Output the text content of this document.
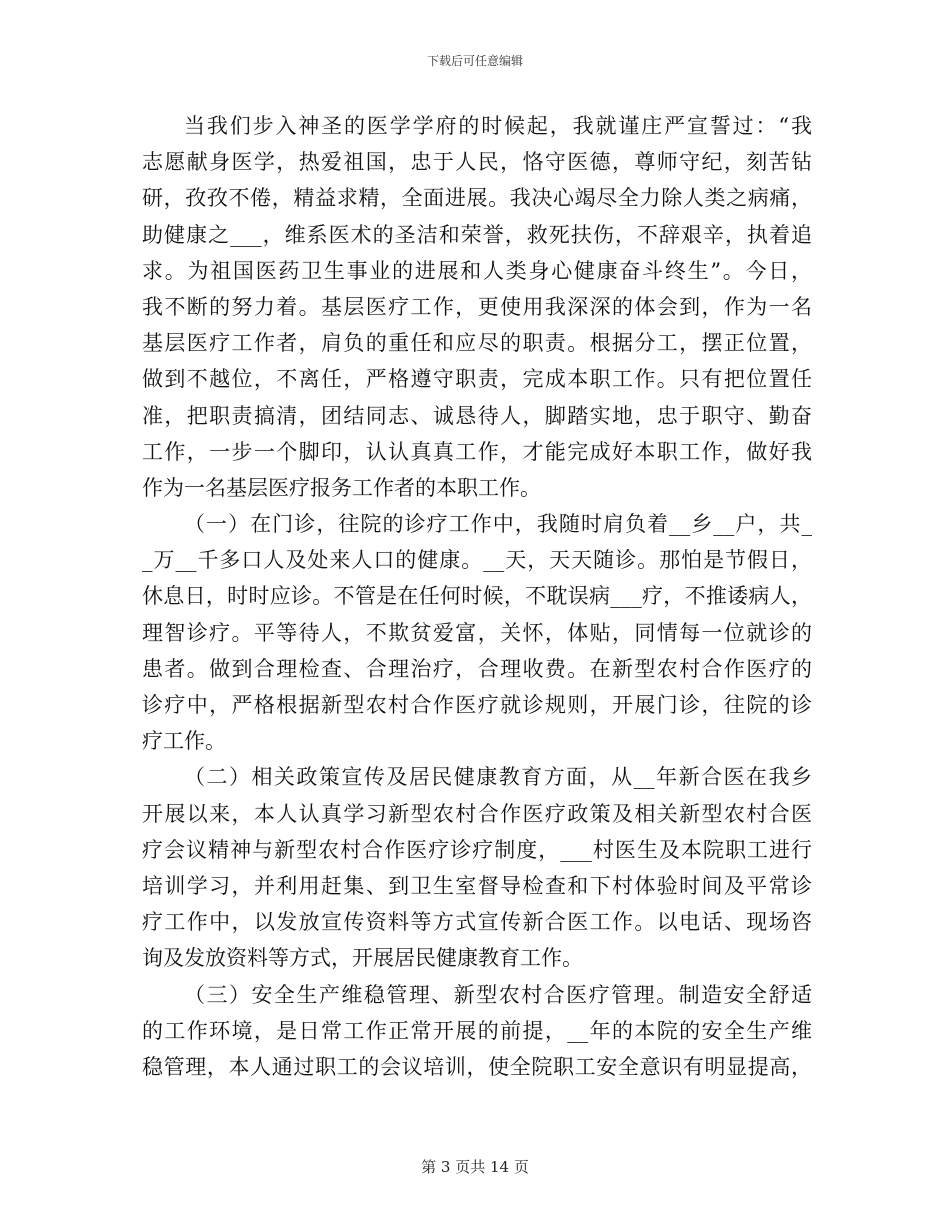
下载后可任意编辑
当我们步入神圣的医学学府的时候起，我就谨庄严宣誓过：“我
志愿献身医学，热爱祖国，忠于人民，恪守医德，尊师守纪，刻苦钻
研，孜孜不倦，精益求精，全面进展。我决心竭尽全力除人类之病痛，
助健康之___，维系医术的圣洁和荣誉，救死扶伤，不辞艰辛，执着追
求。为祖国医药卫生事业的进展和人类身心健康奋斗终生”。今日，
我不断的努力着。基层医疗工作，更使用我深深的体会到，作为一名
基层医疗工作者，肩负的重任和应尽的职责。根据分工，摆正位置，
做到不越位，不离任，严格遵守职责，完成本职工作。只有把位置任
准，把职责搞清，团结同志、诚恳待人，脚踏实地，忠于职守、勤奋
工作，一步一个脚印，认认真真工作，才能完成好本职工作，做好我
作为一名基层医疗报务工作者的本职工作。
（一）在门诊，往院的诊疗工作中，我随时肩负着__乡__户，共_
_万__千多口人及处来人口的健康。__天，天天随诊。那怕是节假日，
休息日，时时应诊。不管是在任何时候，不耽误病___疗，不推诿病人，
理智诊疗。平等待人，不欺贫爱富，关怀，体贴，同情每一位就诊的
患者。做到合理检查、合理治疗，合理收费。在新型农村合作医疗的
诊疗中，严格根据新型农村合作医疗就诊规则，开展门诊，往院的诊
疗工作。
（二）相关政策宣传及居民健康教育方面，从__年新合医在我乡
开展以来，本人认真学习新型农村合作医疗政策及相关新型农村合医
疗会议精神与新型农村合作医疗诊疗制度，___村医生及本院职工进行
培训学习，并利用赶集、到卫生室督导检查和下村体验时间及平常诊
疗工作中，以发放宣传资料等方式宣传新合医工作。以电话、现场咨
询及发放资料等方式，开展居民健康教育工作。
（三）安全生产维稳管理、新型农村合医疗管理。制造安全舒适
的工作环境，是日常工作正常开展的前提，__年的本院的安全生产维
稳管理，本人通过职工的会议培训，使全院职工安全意识有明显提高，
第 3 页共 14 页
